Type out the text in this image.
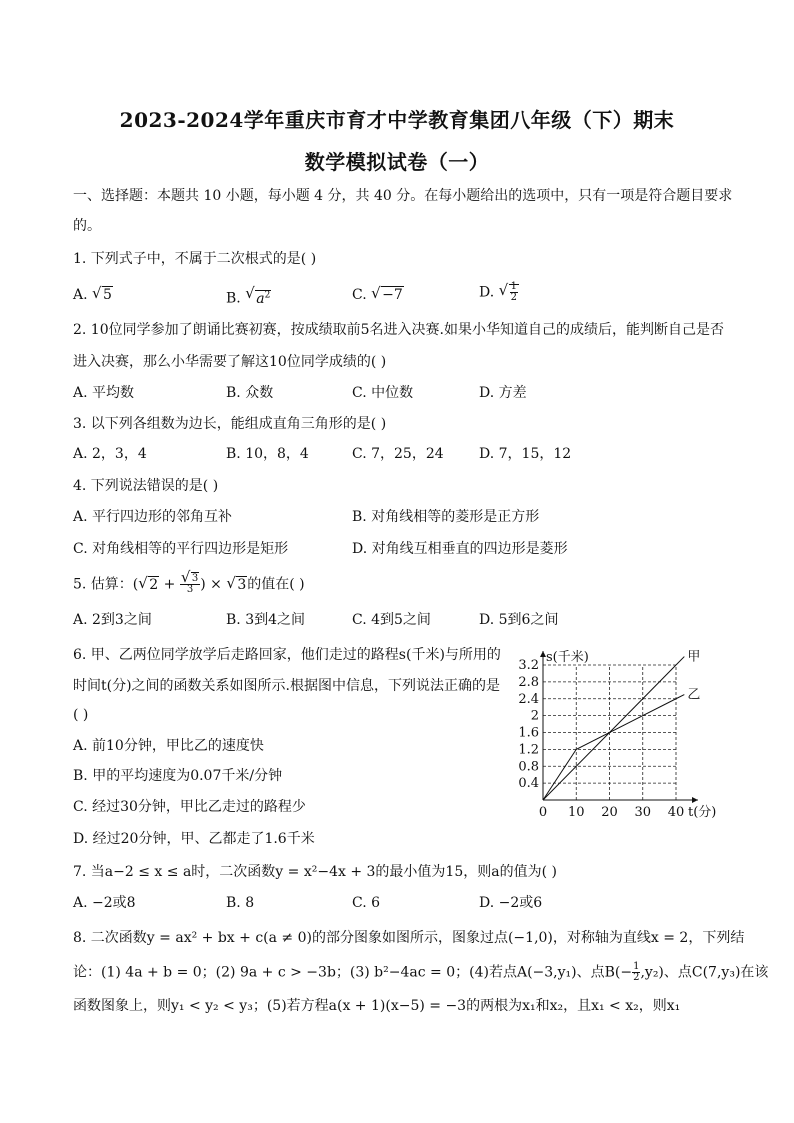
2023-2024学年重庆市育才中学教育集团八年级（下）期末
数学模拟试卷（一）
一、选择题：本题共 10 小题，每小题 4 分，共 40 分。在每小题给出的选项中，只有一项是符合题目要求
的。
1. 下列式子中，不属于二次根式的是( )
A. √ 5	B. √ $a^2$	C. √ −7	D. √ $\frac{1}{2}$
2. 10位同学参加了朗诵比赛初赛，按成绩取前5名进入决赛.如果小华知道自己的成绩后，能判断自己是否
进入决赛，那么小华需要了解这10位同学成绩的( )
A. 平均数	B. 众数	C. 中位数	D. 方差
3. 以下列各组数为边长，能组成直角三角形的是( )
A. 2，3，4	B. 10，8，4	C. 7，25，24	D. 7，15，12
4. 下列说法错误的是( )
A. 平行四边形的邻角互补	B. 对角线相等的菱形是正方形
C. 对角线相等的平行四边形是矩形	D. 对角线互相垂直的四边形是菱形
5. 估算：( √ 2 + √ $\frac{3}{3}$ ) × √ 3的值在( )
A. 2到3之间	B. 3到4之间	C. 4到5之间	D. 5到6之间
6. 甲、乙两位同学放学后走路回家，他们走过的路程s(千米)与所用的
时间t(分)之间的函数关系如图所示.根据图中信息，下列说法正确的是
( )
A. 前10分钟，甲比乙的速度快
B. 甲的平均速度为0.07千米/分钟
C. 经过30分钟，甲比乙走过的路程少
D. 经过20分钟，甲、乙都走了1.6千米
0.4
0.8
1.2
1.6
2
2.4
2.8
3.2
0 10 20 30 40
s(千米)
t(分)
甲
乙
7. 当a−2 ≤ x ≤ a时，二次函数y = x²−4x + 3的最小值为15，则a的值为( )
A. −2或8	B. 8	C. 6	D. −2或6
8. 二次函数y = ax² + bx + c(a ≠ 0)的部分图象如图所示，图象过点(−1,0)，对称轴为直线x = 2，下列结
论：(1) 4a + b = 0；(2) 9a + c > −3b；(3) b²−4ac = 0；(4)若点A(−3,y₁)、点$B(- \frac{1}{2} ,y_2)$、点C(7,y₃)在该
函数图象上，则y₁ < y₂ < y₃；(5)若方程a(x + 1)(x−5) = −3的两根为x₁和x₂，且x₁ < x₂，则x₁
